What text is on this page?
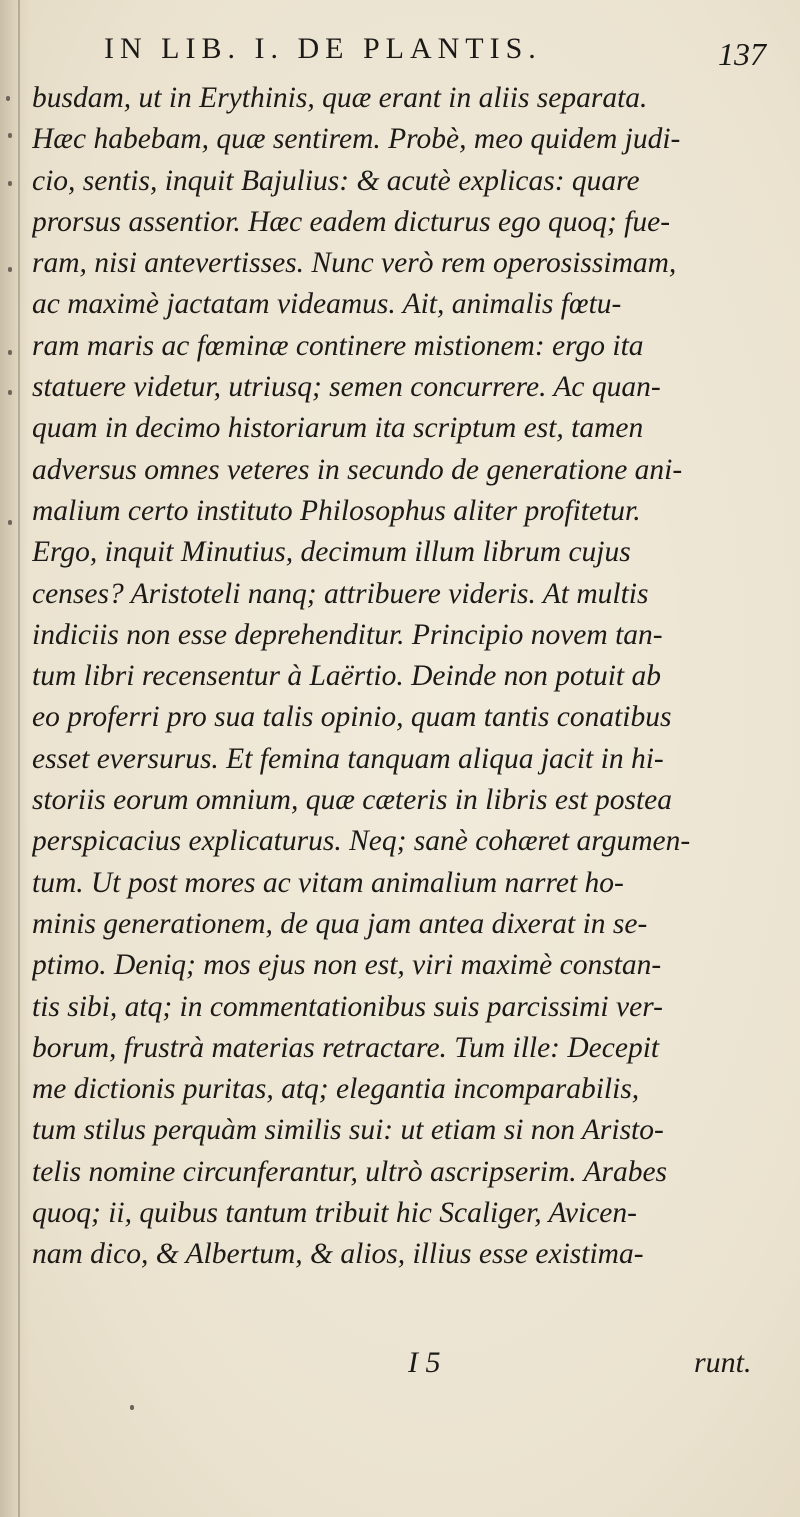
IN LIB. I. DE PLANTIS.	137
busdam, ut in Erythinis, quæ erant in aliis separata.
Hæc habebam, quæ sentirem. Probè, meo quidem judi-
cio, sentis, inquit Bajulius: & acutè explicas: quare
prorsus assentior. Hæc eadem dicturus ego quoq; fue-
ram, nisi antevertisses. Nunc verò rem operosissimam,
ac maximè jactatam videamus. Ait, animalis fœtu-
ram maris ac fœminæ continere mistionem: ergo ita
statuere videtur, utriusq; semen concurrere. Ac quan-
quam in decimo historiarum ita scriptum est, tamen
adversus omnes veteres in secundo de generatione ani-
malium certo instituto Philosophus aliter profitetur.
Ergo, inquit Minutius, decimum illum librum cujus
censes? Aristoteli nanq; attribuere videris. At multis
indiciis non esse deprehenditur. Principio novem tan-
tum libri recensentur à Laërtio. Deinde non potuit ab
eo proferri pro sua talis opinio, quam tantis conatibus
esset eversurus. Et femina tanquam aliqua jacit in hi-
storiis eorum omnium, quæ cæteris in libris est postea
perspicacius explicaturus. Neq; sanè cohæret argumen-
tum. Ut post mores ac vitam animalium narret ho-
minis generationem, de qua jam antea dixerat in se-
ptimo. Deniq; mos ejus non est, viri maximè constan-
tis sibi, atq; in commentationibus suis parcissimi ver-
borum, frustrà materias retractare. Tum ille: Decepit
me dictionis puritas, atq; elegantia incomparabilis,
tum stilus perquàm similis sui: ut etiam si non Aristo-
telis nomine circunferantur, ultrò ascripserim. Arabes
quoq; ii, quibus tantum tribuit hic Scaliger, Avicen-
nam dico, & Albertum, & alios, illius esse existima-
I 5	runt.
